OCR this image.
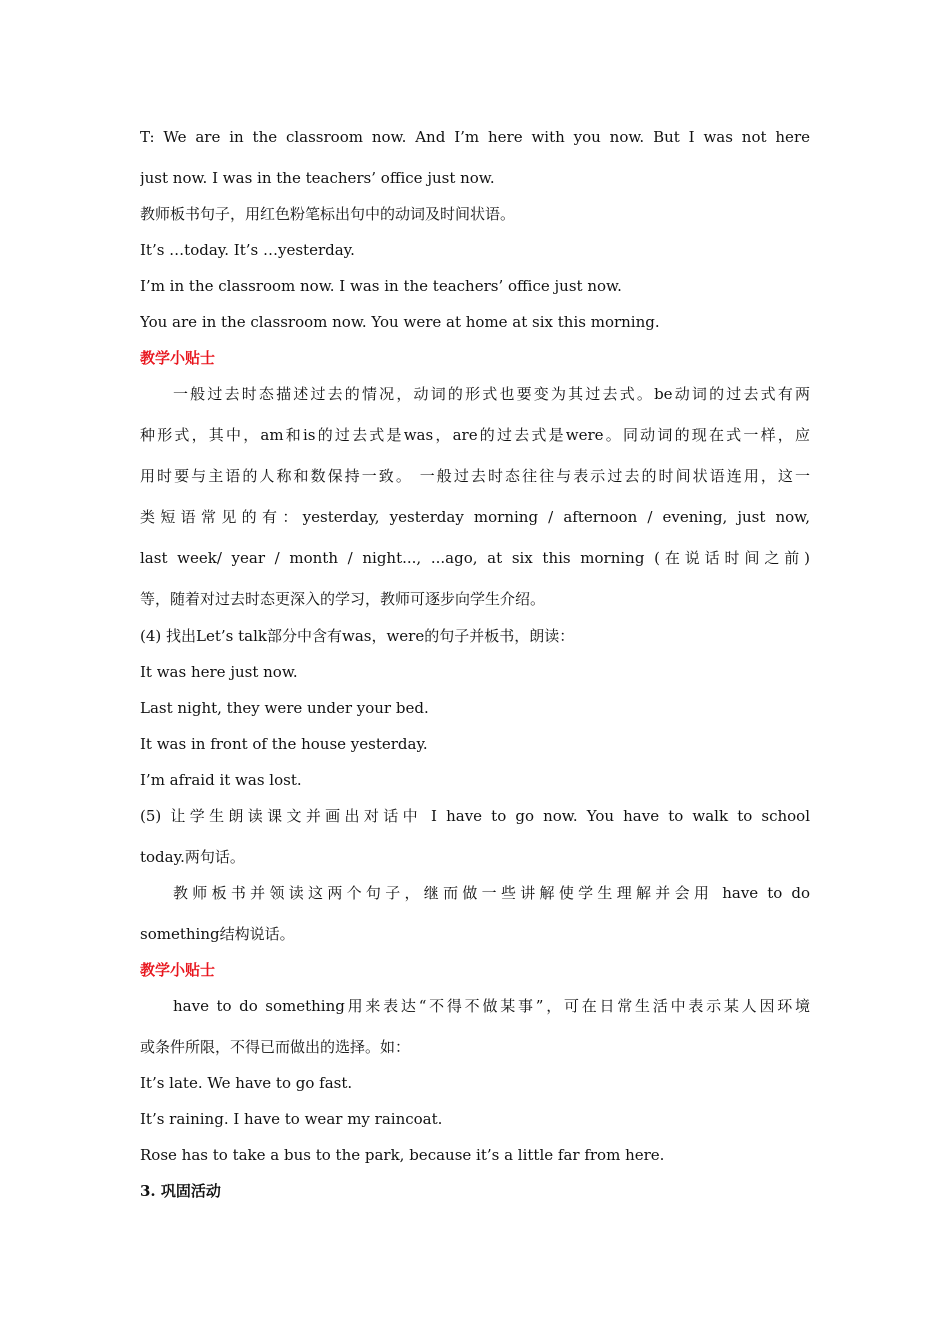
T: We are in the classroom now. And I’m here with you now. But I was not here
just now. I was in the teachers’ office just now.
教师板书句子，用红色粉笔标出句中的动词及时间状语。
It’s …today. It’s …yesterday.
I’m in the classroom now. I was in the teachers’ office just now.
You are in the classroom now. You were at home at six this morning.
教学小贴士
一般过去时态描述过去的情况，动词的形式也要变为其过去式。be动词的过去式有两
种形式，其中，am和is的过去式是was，are的过去式是were。同动词的现在式一样，应
用时要与主语的人称和数保持一致。 一般过去时态往往与表示过去的时间状语连用，这一
类短语常见的有：yesterday, yesterday morning / afternoon / evening, just now,
last week/ year / month / night..., ...ago, at six this morning (在说话时间之前)
等，随着对过去时态更深入的学习，教师可逐步向学生介绍。
(4) 找出Let’s talk部分中含有was，were的句子并板书，朗读：
It was here just now.
Last night, they were under your bed.
It was in front of the house yesterday.
I’m afraid it was lost.
(5) 让学生朗读课文并画出对话中 I have to go now. You have to walk to school
today.两句话。
教师板书并领读这两个句子，继而做一些讲解使学生理解并会用 have to do
something结构说话。
教学小贴士
have to do something用来表达“不得不做某事”，可在日常生活中表示某人因环境
或条件所限，不得已而做出的选择。如：
It’s late. We have to go fast.
It’s raining. I have to wear my raincoat.
Rose has to take a bus to the park, because it’s a little far from here.
3. 巩固活动
